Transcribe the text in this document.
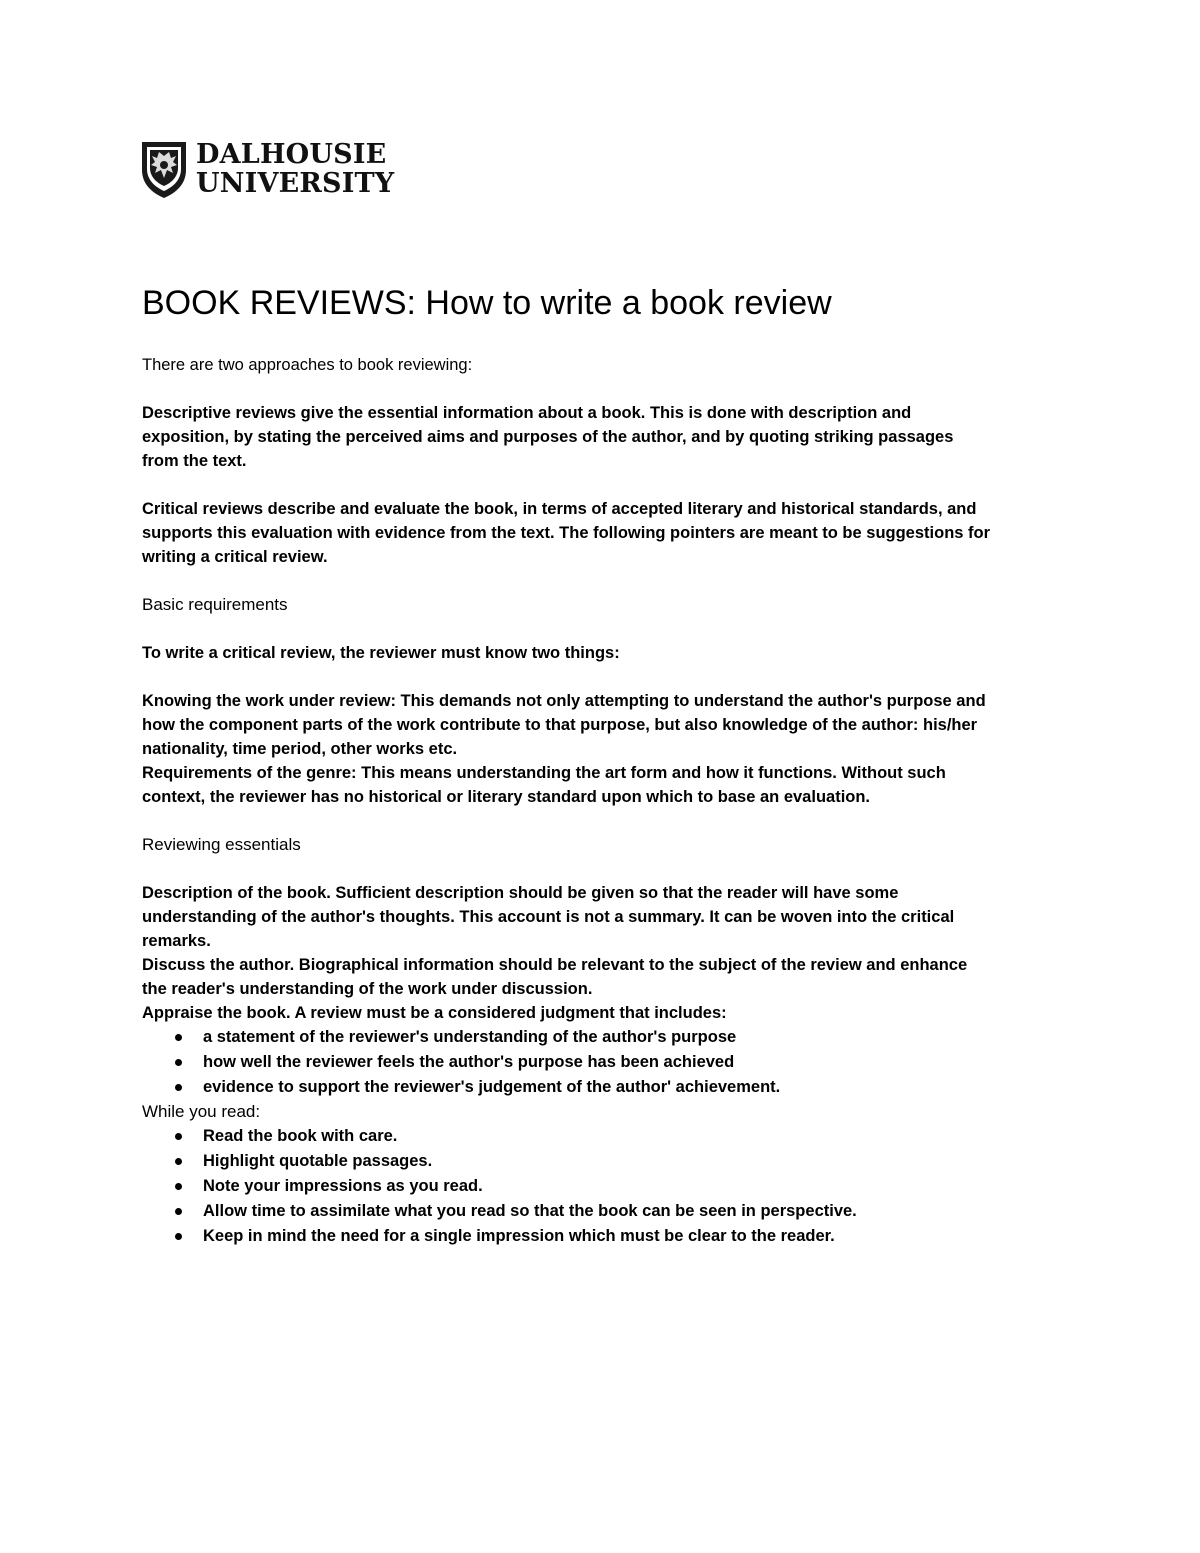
DALHOUSIE
UNIVERSITY
BOOK REVIEWS: How to write a book review

There are two approaches to book reviewing:

Descriptive reviews give the essential information about a book. This is done with description and exposition, by stating the perceived aims and purposes of the author, and by quoting striking passages from the text.

Critical reviews describe and evaluate the book, in terms of accepted literary and historical standards, and supports this evaluation with evidence from the text. The following pointers are meant to be suggestions for writing a critical review.

Basic requirements

To write a critical review, the reviewer must know two things:

Knowing the work under review: This demands not only attempting to understand the author's purpose and how the component parts of the work contribute to that purpose, but also knowledge of the author: his/her nationality, time period, other works etc.

Requirements of the genre: This means understanding the art form and how it functions. Without such context, the reviewer has no historical or literary standard upon which to base an evaluation.

Reviewing essentials

Description of the book. Sufficient description should be given so that the reader will have some understanding of the author's thoughts. This account is not a summary. It can be woven into the critical remarks.

Discuss the author. Biographical information should be relevant to the subject of the review and enhance the reader's understanding of the work under discussion.

Appraise the book. A review must be a considered judgment that includes:

a statement of the reviewer's understanding of the author's purpose
how well the reviewer feels the author's purpose has been achieved
evidence to support the reviewer's judgement of the author' achievement.

While you read:

Read the book with care.
Highlight quotable passages.
Note your impressions as you read.
Allow time to assimilate what you read so that the book can be seen in perspective.
Keep in mind the need for a single impression which must be clear to the reader.
